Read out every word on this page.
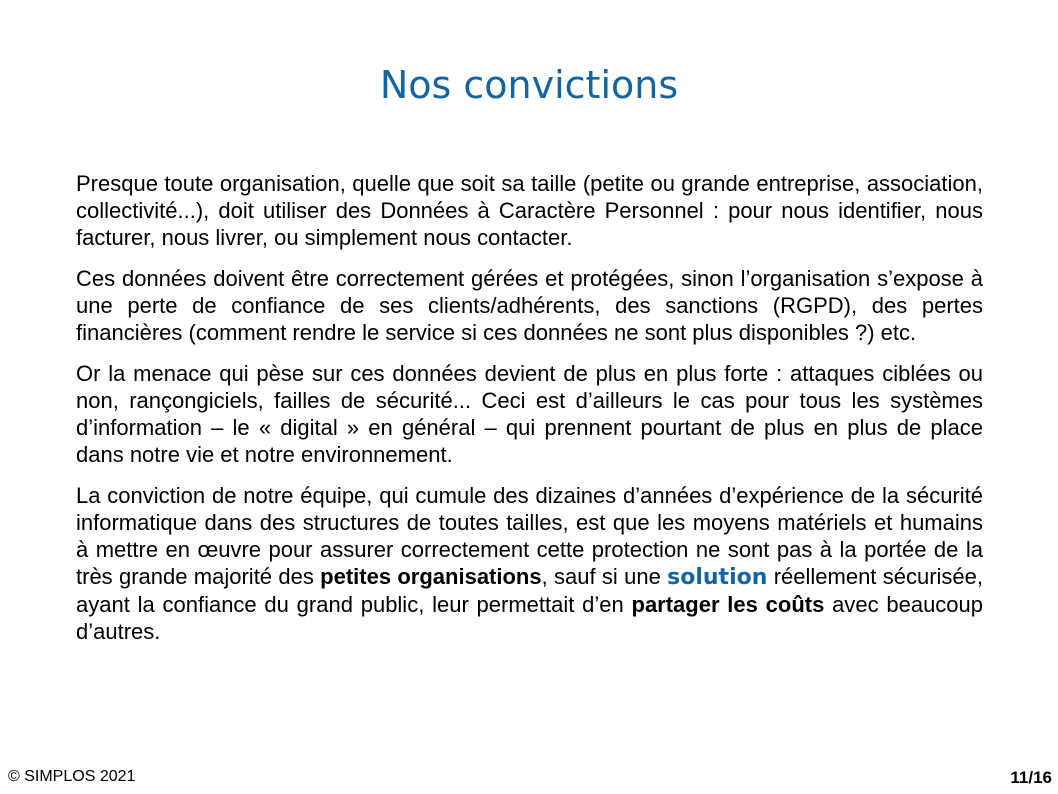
Nos convictions

Presque toute organisation, quelle que soit sa taille (petite ou grande entreprise, association, collectivité...), doit utiliser des Données à Caractère Personnel : pour nous identifier, nous facturer, nous livrer, ou simplement nous contacter.

Ces données doivent être correctement gérées et protégées, sinon l’organisation s’expose à une perte de confiance de ses clients/adhérents, des sanctions (RGPD), des pertes financières (comment rendre le service si ces données ne sont plus disponibles ?) etc.

Or la menace qui pèse sur ces données devient de plus en plus forte : attaques ciblées ou non, rançongiciels, failles de sécurité... Ceci est d’ailleurs le cas pour tous les systèmes d’information – le « digital » en général – qui prennent pourtant de plus en plus de place dans notre vie et notre environnement.

La conviction de notre équipe, qui cumule des dizaines d’années d’expérience de la sécurité informatique dans des structures de toutes tailles, est que les moyens matériels et humains à mettre en œuvre pour assurer correctement cette protection ne sont pas à la portée de la très grande majorité des petites organisations, sauf si une solution réellement sécurisée, ayant la confiance du grand public, leur permettait d’en partager les coûts avec beaucoup d’autres.

© SIMPLOS 2021	11/16
